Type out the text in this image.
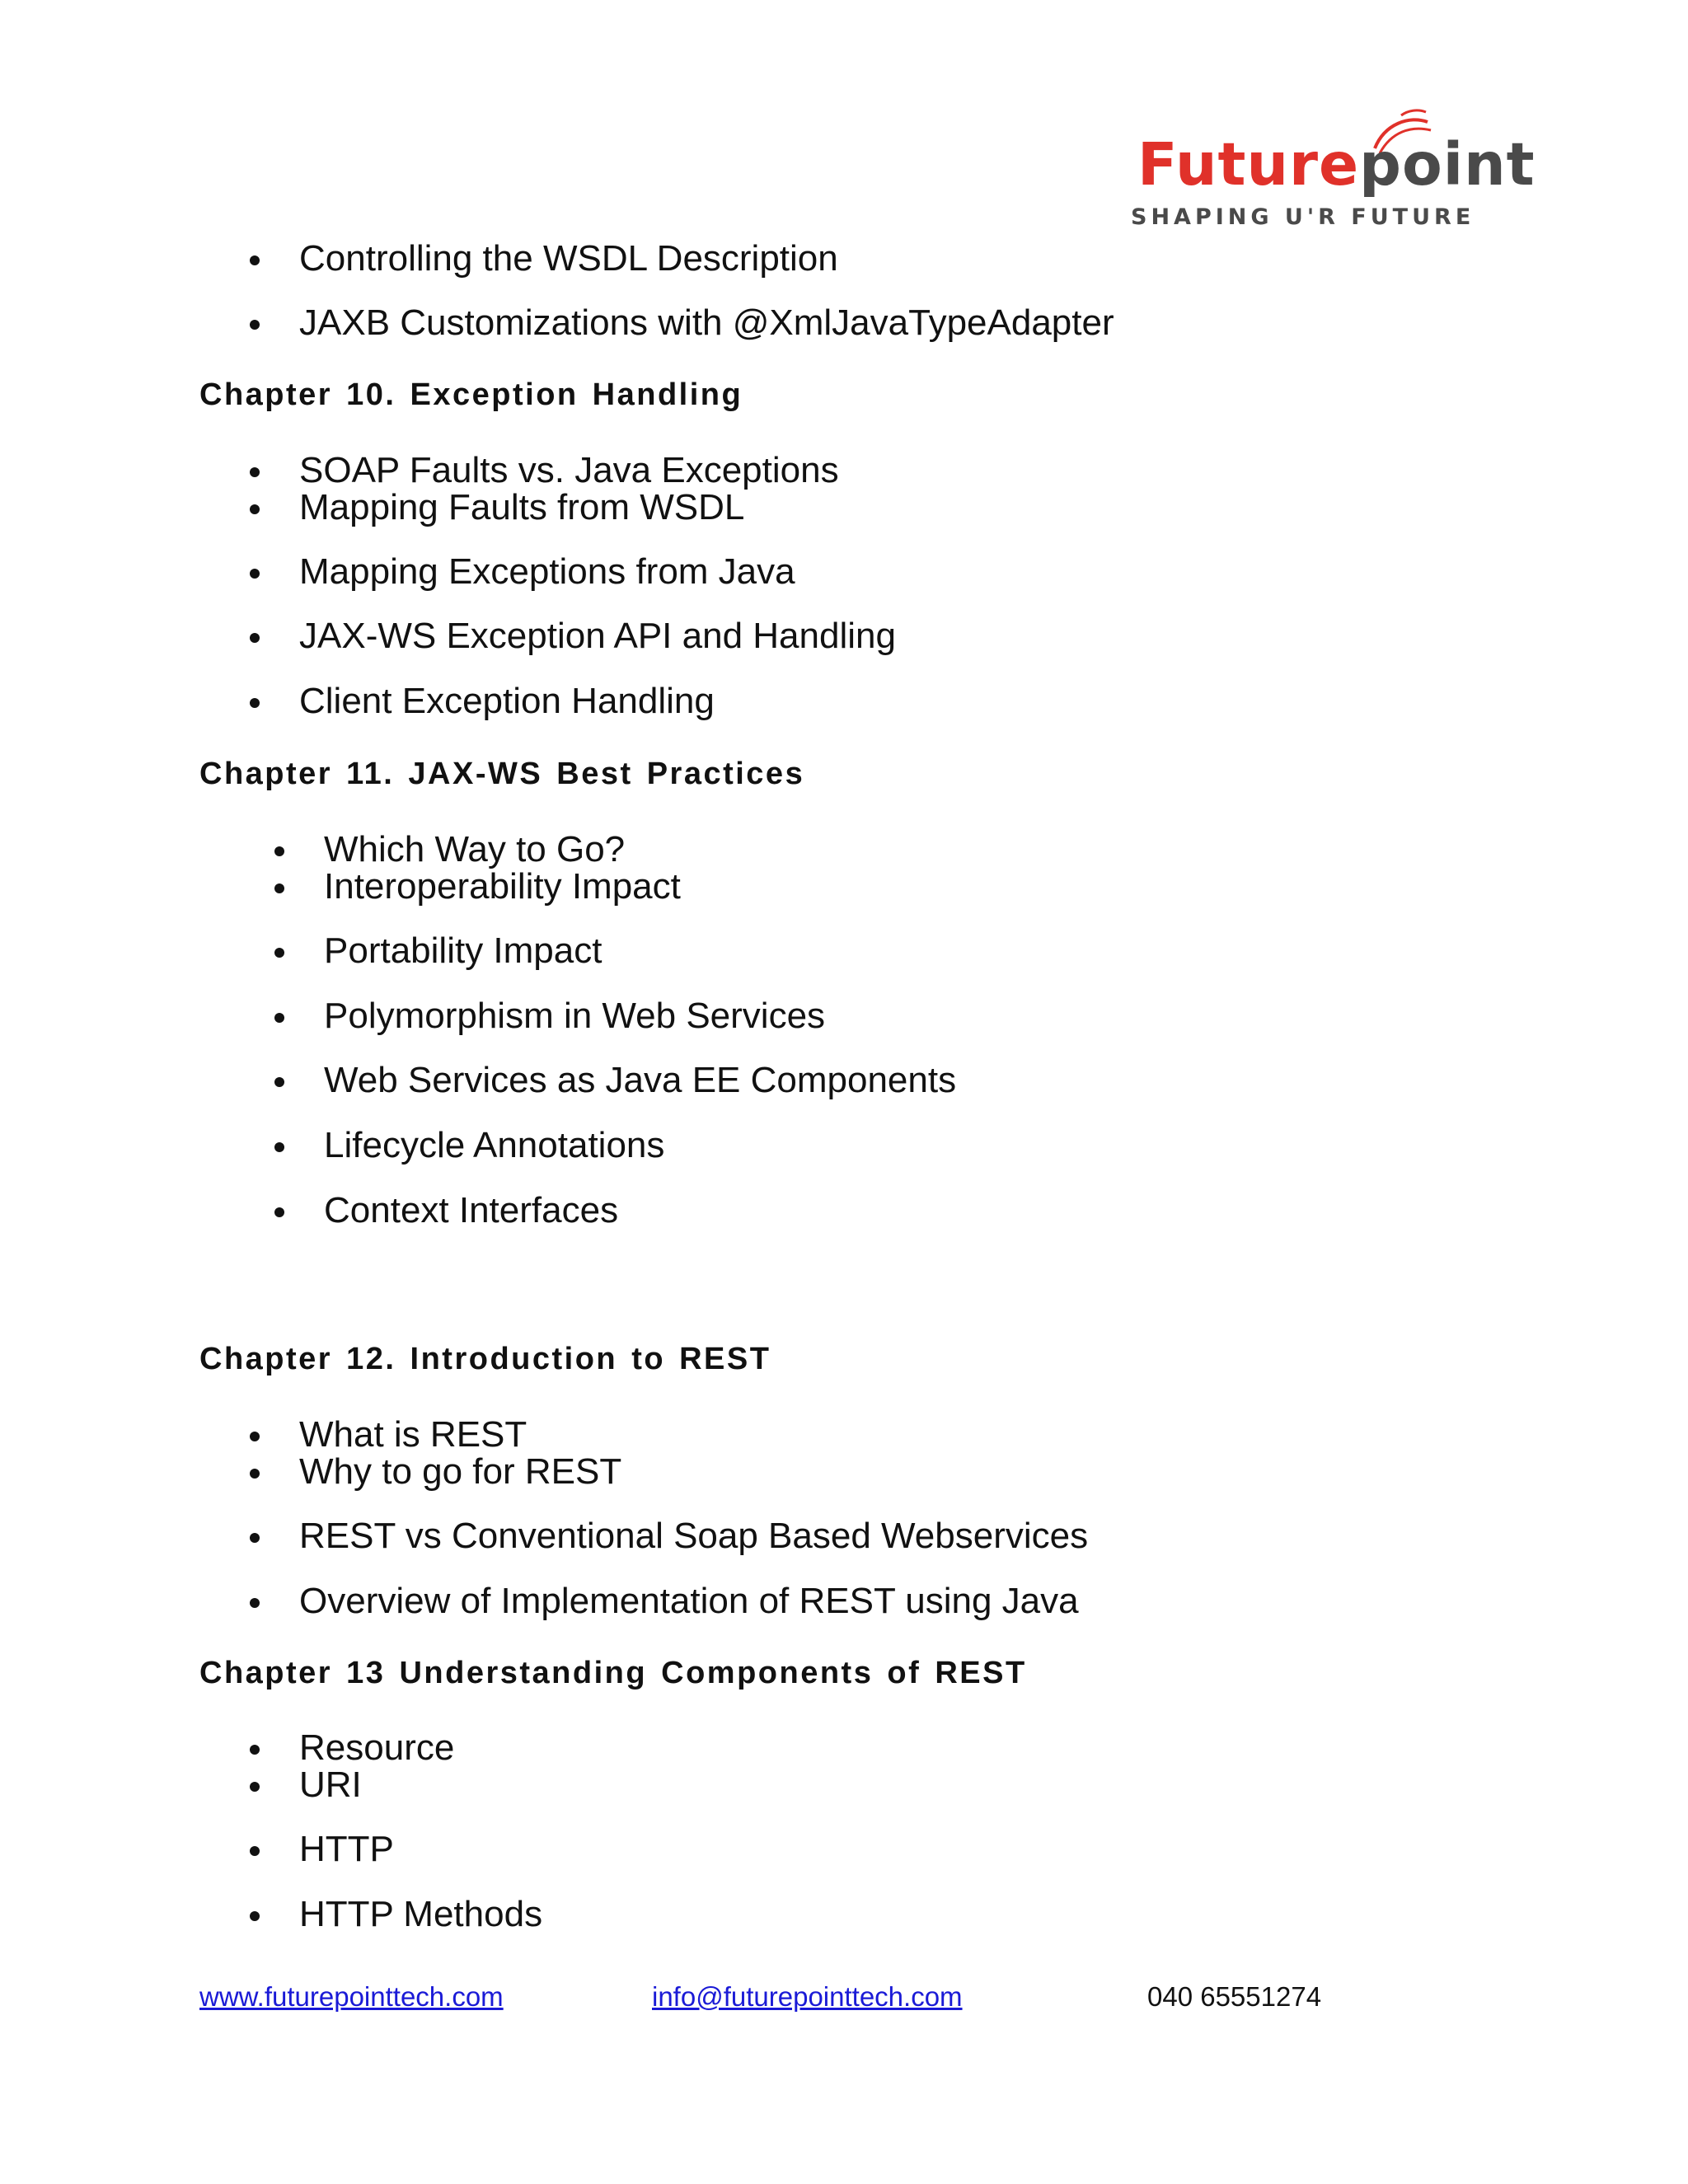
Futurepoint
SHAPING U'R FUTURE
Controlling the WSDL Description
JAXB Customizations with @XmlJavaTypeAdapter
Chapter 10. Exception Handling
SOAP Faults vs. Java Exceptions
Mapping Faults from WSDL
Mapping Exceptions from Java
JAX-WS Exception API and Handling
Client Exception Handling
Chapter 11. JAX-WS Best Practices
Which Way to Go?
Interoperability Impact
Portability Impact
Polymorphism in Web Services
Web Services as Java EE Components
Lifecycle Annotations
Context Interfaces
Chapter 12. Introduction to REST
What is REST
Why to go for REST
REST vs Conventional Soap Based Webservices
Overview of Implementation of REST using Java
Chapter 13 Understanding Components of REST
Resource
URI
HTTP
HTTP Methods
www.futurepointtech.com	info@futurepointtech.com	040 65551274
